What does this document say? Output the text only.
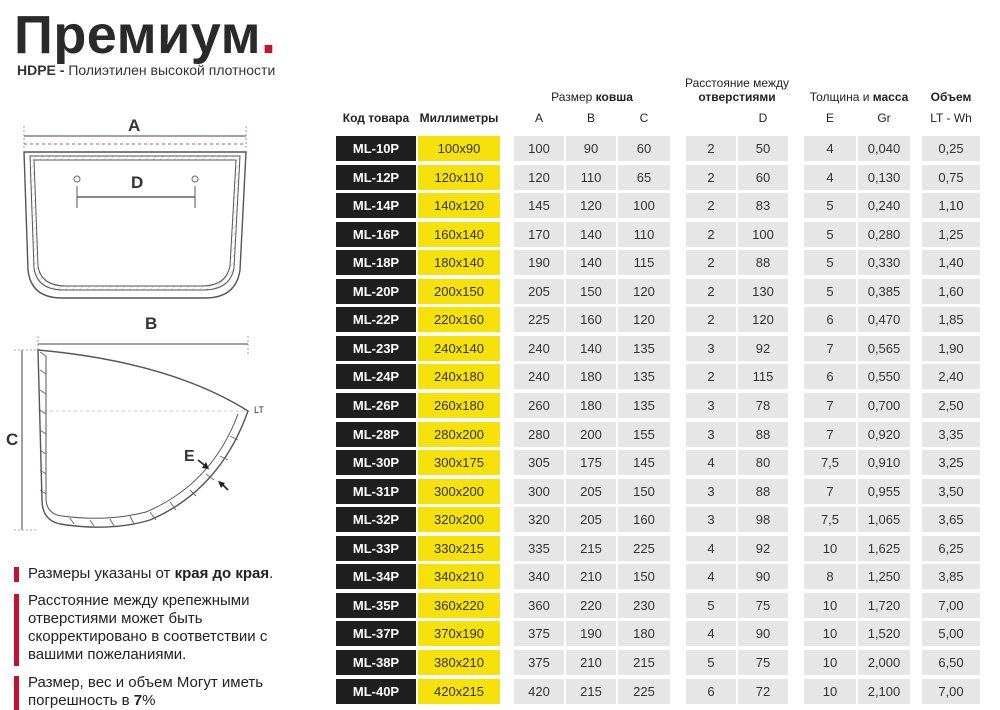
Премиум.
HDPE - Полиэтилен высокой плотности
A
D
B
C
E
LT
Размеры указаны от края до края.
Расстояние между крепежными отверстиями может быть скорректировано в соответствии с вашими пожеланиями.
Размер, вес и объем Могут иметь погрешность в 7%
Код товара Миллиметры
Размер ковша
A	B	C
Расстояние между
отверстиями
D
Толщина и масса
E	Gr
Объем
LT - Wh
ML-10P	100x90	100	90	60	2	50	4	0,040	0,25
ML-12P	120x110	120	110	65	2	60	4	0,130	0,75
ML-14P	140x120	145	120	100	2	83	5	0,240	1,10
ML-16P	160x140	170	140	110	2	100	5	0,280	1,25
ML-18P	180x140	190	140	115	2	88	5	0,330	1,40
ML-20P	200x150	205	150	120	2	130	5	0,385	1,60
ML-22P	220x160	225	160	120	2	120	6	0,470	1,85
ML-23P	240x140	240	140	135	3	92	7	0,565	1,90
ML-24P	240x180	240	180	135	2	115	6	0,550	2,40
ML-26P	260x180	260	180	135	3	78	7	0,700	2,50
ML-28P	280x200	280	200	155	3	88	7	0,920	3,35
ML-30P	300x175	305	175	145	4	80	7,5	0,910	3,25
ML-31P	300x200	300	205	150	3	88	7	0,955	3,50
ML-32P	320x200	320	205	160	3	98	7,5	1,065	3,65
ML-33P	330x215	335	215	225	4	92	10	1,625	6,25
ML-34P	340x210	340	210	150	4	90	8	1,250	3,85
ML-35P	360x220	360	220	230	5	75	10	1,720	7,00
ML-37P	370x190	375	190	180	4	90	10	1,520	5,00
ML-38P	380x210	375	210	215	5	75	10	2,000	6,50
ML-40P	420x215	420	215	225	6	72	10	2,100	7,00
